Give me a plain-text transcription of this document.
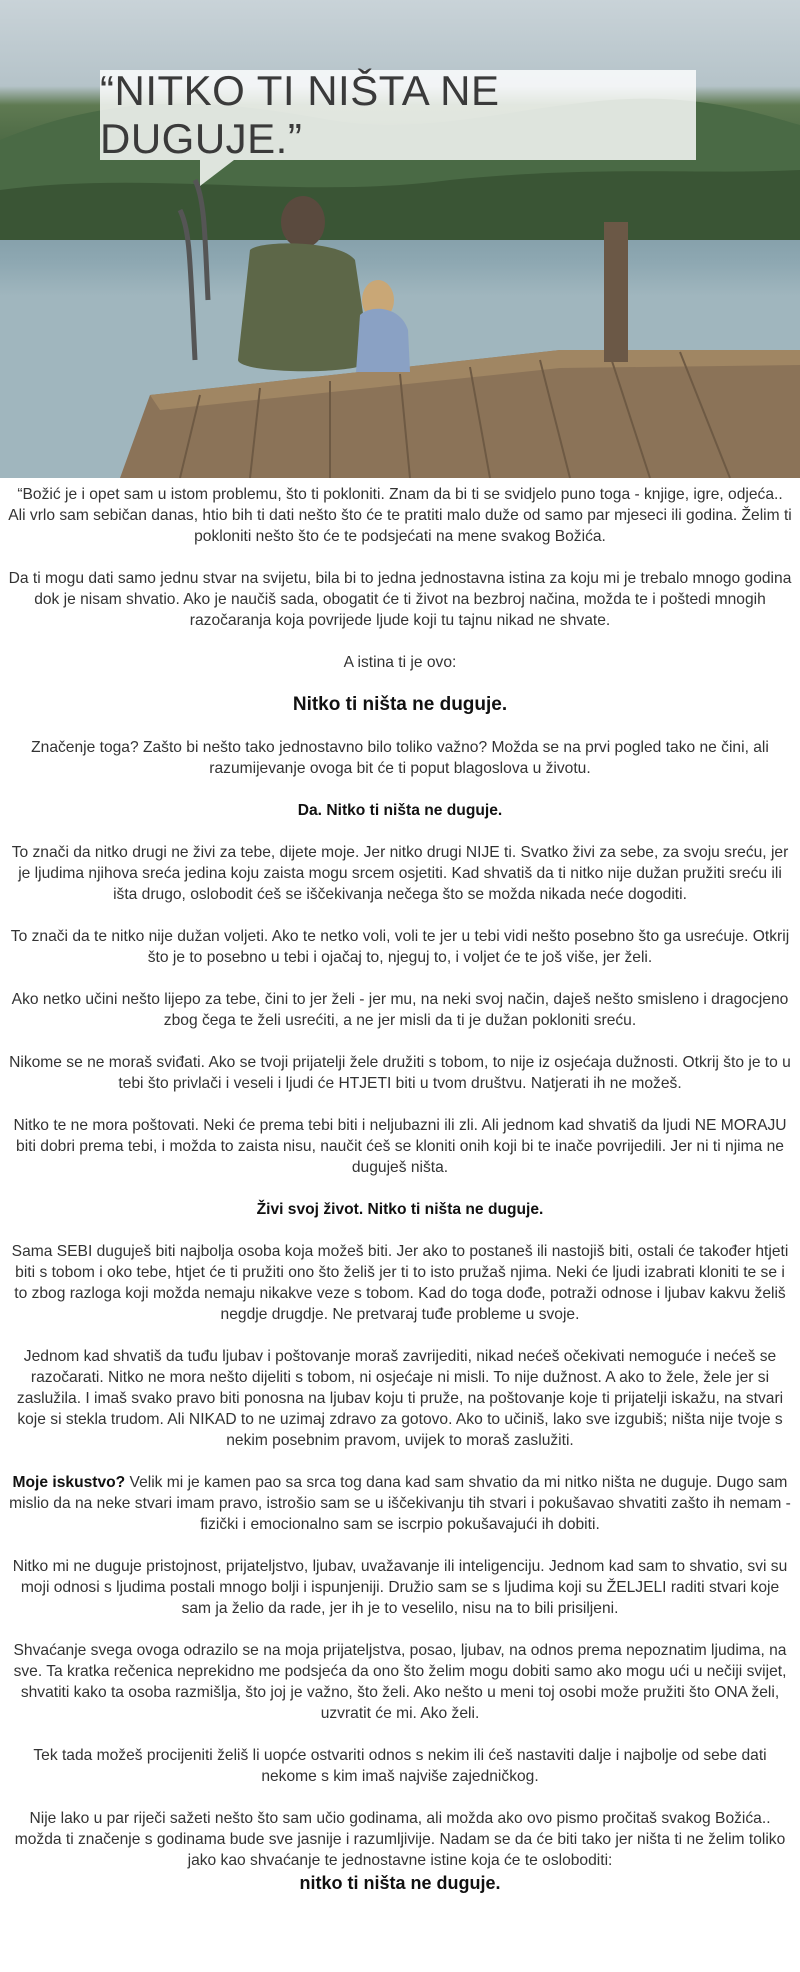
“NITKO TI NIŠTA NE DUGUJE.”

“Božić je i opet sam u istom problemu, što ti pokloniti. Znam da bi ti se svidjelo puno toga - knjige, igre, odjeća.. Ali vrlo sam sebičan danas, htio bih ti dati nešto što će te pratiti malo duže od samo par mjeseci ili godina. Želim ti pokloniti nešto što će te podsjećati na mene svakog Božića.

Da ti mogu dati samo jednu stvar na svijetu, bila bi to jedna jednostavna istina za koju mi je trebalo mnogo godina dok je nisam shvatio. Ako je naučiš sada, obogatit će ti život na bezbroj načina, možda te i poštedi mnogih razočaranja koja povrijede ljude koji tu tajnu nikad ne shvate.

A istina ti je ovo:

Nitko ti ništa ne duguje.

Značenje toga? Zašto bi nešto tako jednostavno bilo toliko važno? Možda se na prvi pogled tako ne čini, ali razumijevanje ovoga bit će ti poput blagoslova u životu.

Da. Nitko ti ništa ne duguje.

To znači da nitko drugi ne živi za tebe, dijete moje. Jer nitko drugi NIJE ti. Svatko živi za sebe, za svoju sreću, jer je ljudima njihova sreća jedina koju zaista mogu srcem osjetiti. Kad shvatiš da ti nitko nije dužan pružiti sreću ili išta drugo, oslobodit ćeš se iščekivanja nečega što se možda nikada neće dogoditi.

To znači da te nitko nije dužan voljeti. Ako te netko voli, voli te jer u tebi vidi nešto posebno što ga usrećuje. Otkrij što je to posebno u tebi i ojačaj to, njeguj to, i voljet će te još više, jer želi.

Ako netko učini nešto lijepo za tebe, čini to jer želi - jer mu, na neki svoj način, daješ nešto smisleno i dragocjeno zbog čega te želi usrećiti, a ne jer misli da ti je dužan pokloniti sreću.

Nikome se ne moraš sviđati. Ako se tvoji prijatelji žele družiti s tobom, to nije iz osjećaja dužnosti. Otkrij što je to u tebi što privlači i veseli i ljudi će HTJETI biti u tvom društvu. Natjerati ih ne možeš.

Nitko te ne mora poštovati. Neki će prema tebi biti i neljubazni ili zli. Ali jednom kad shvatiš da ljudi NE MORAJU biti dobri prema tebi, i možda to zaista nisu, naučit ćeš se kloniti onih koji bi te inače povrijedili. Jer ni ti njima ne duguješ ništa.

Živi svoj život. Nitko ti ništa ne duguje.

Sama SEBI duguješ biti najbolja osoba koja možeš biti. Jer ako to postaneš ili nastojiš biti, ostali će također htjeti biti s tobom i oko tebe, htjet će ti pružiti ono što želiš jer ti to isto pružaš njima. Neki će ljudi izabrati kloniti te se i to zbog razloga koji možda nemaju nikakve veze s tobom. Kad do toga dođe, potraži odnose i ljubav kakvu želiš negdje drugdje. Ne pretvaraj tuđe probleme u svoje.

Jednom kad shvatiš da tuđu ljubav i poštovanje moraš zavrijediti, nikad nećeš očekivati nemoguće i nećeš se razočarati. Nitko ne mora nešto dijeliti s tobom, ni osjećaje ni misli. To nije dužnost. A ako to žele, žele jer si zaslužila. I imaš svako pravo biti ponosna na ljubav koju ti pruže, na poštovanje koje ti prijatelji iskažu, na stvari koje si stekla trudom. Ali NIKAD to ne uzimaj zdravo za gotovo. Ako to učiniš, lako sve izgubiš; ništa nije tvoje s nekim posebnim pravom, uvijek to moraš zaslužiti.

Moje iskustvo? Velik mi je kamen pao sa srca tog dana kad sam shvatio da mi nitko ništa ne duguje. Dugo sam mislio da na neke stvari imam pravo, istrošio sam se u iščekivanju tih stvari i pokušavao shvatiti zašto ih nemam - fizički i emocionalno sam se iscrpio pokušavajući ih dobiti.

Nitko mi ne duguje pristojnost, prijateljstvo, ljubav, uvažavanje ili inteligenciju. Jednom kad sam to shvatio, svi su moji odnosi s ljudima postali mnogo bolji i ispunjeniji. Družio sam se s ljudima koji su ŽELJELI raditi stvari koje sam ja želio da rade, jer ih je to veselilo, nisu na to bili prisiljeni.

Shvaćanje svega ovoga odrazilo se na moja prijateljstva, posao, ljubav, na odnos prema nepoznatim ljudima, na sve. Ta kratka rečenica neprekidno me podsjeća da ono što želim mogu dobiti samo ako mogu ući u nečiji svijet, shvatiti kako ta osoba razmišlja, što joj je važno, što želi. Ako nešto u meni toj osobi može pružiti što ONA želi, uzvratit će mi. Ako želi.

Tek tada možeš procijeniti želiš li uopće ostvariti odnos s nekim ili ćeš nastaviti dalje i najbolje od sebe dati nekome s kim imaš najviše zajedničkog.

Nije lako u par riječi sažeti nešto što sam učio godinama, ali možda ako ovo pismo pročitaš svakog Božića.. možda ti značenje s godinama bude sve jasnije i razumljivije. Nadam se da će biti tako jer ništa ti ne želim toliko jako kao shvaćanje te jednostavne istine koja će te osloboditi:
nitko ti ništa ne duguje.
